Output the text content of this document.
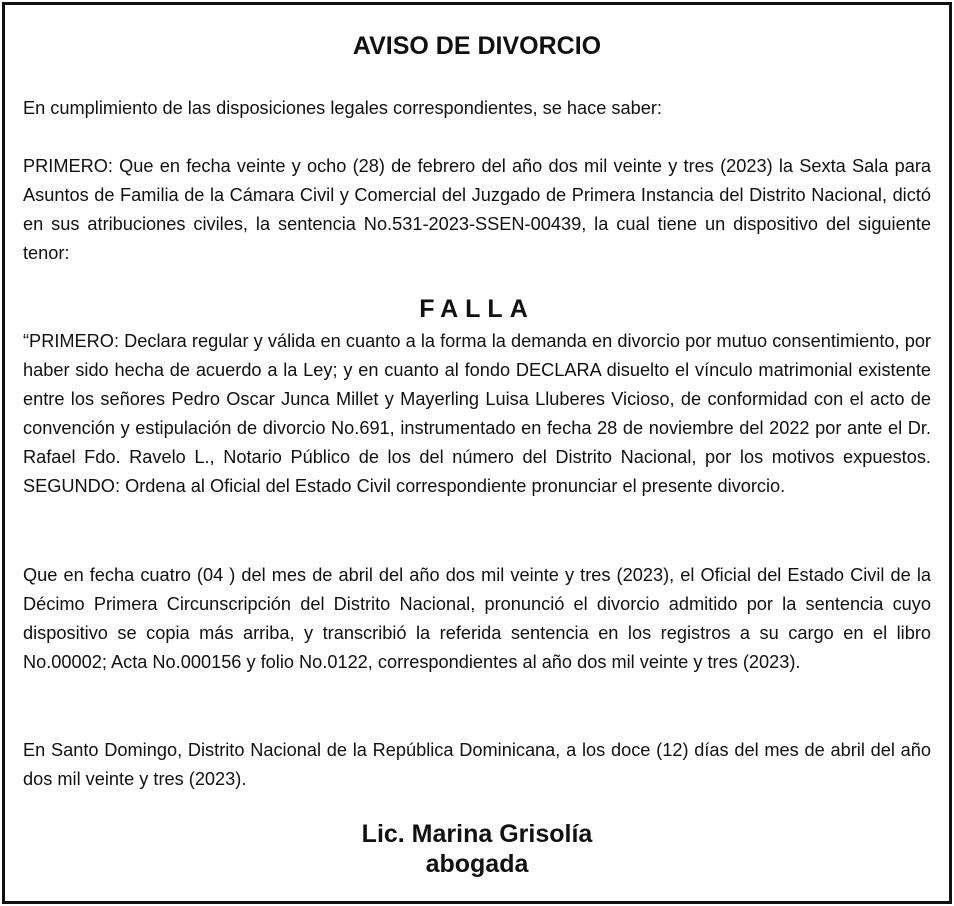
AVISO DE DIVORCIO

En cumplimiento de las disposiciones legales correspondientes, se hace saber:

PRIMERO: Que en fecha veinte y ocho (28) de febrero del año dos mil veinte y tres (2023) la Sexta Sala para Asuntos de Familia de la Cámara Civil y Comercial del Juzgado de Primera Instancia del Distrito Nacional, dictó en sus atribuciones civiles, la sentencia No.531-2023-SSEN-00439, la cual tiene un dispositivo del siguiente tenor:

FALLA

“PRIMERO: Declara regular y válida en cuanto a la forma la demanda en divorcio por mutuo consentimiento, por haber sido hecha de acuerdo a la Ley; y en cuanto al fondo DECLARA disuelto el vínculo matrimonial existente entre los señores Pedro Oscar Junca Millet y Mayerling Luisa Lluberes Vicioso, de conformidad con el acto de convención y estipulación de divorcio No.691, instrumentado en fecha 28 de noviembre del 2022 por ante el Dr. Rafael Fdo. Ravelo L., Notario Público de los del número del Distrito Nacional, por los motivos expuestos. SEGUNDO: Ordena al Oficial del Estado Civil correspondiente pronunciar el presente divorcio.

Que en fecha cuatro (04 ) del mes de abril del año dos mil veinte y tres (2023), el Oficial del Estado Civil de la Décimo Primera Circunscripción del Distrito Nacional, pronunció el divorcio admitido por la sentencia cuyo dispositivo se copia más arriba, y transcribió la referida sentencia en los registros a su cargo en el libro No.00002; Acta No.000156 y folio No.0122, correspondientes al año dos mil veinte y tres (2023).

En Santo Domingo, Distrito Nacional de la República Dominicana, a los doce (12) días del mes de abril del año dos mil veinte y tres (2023).

Lic. Marina Grisolía
abogada
